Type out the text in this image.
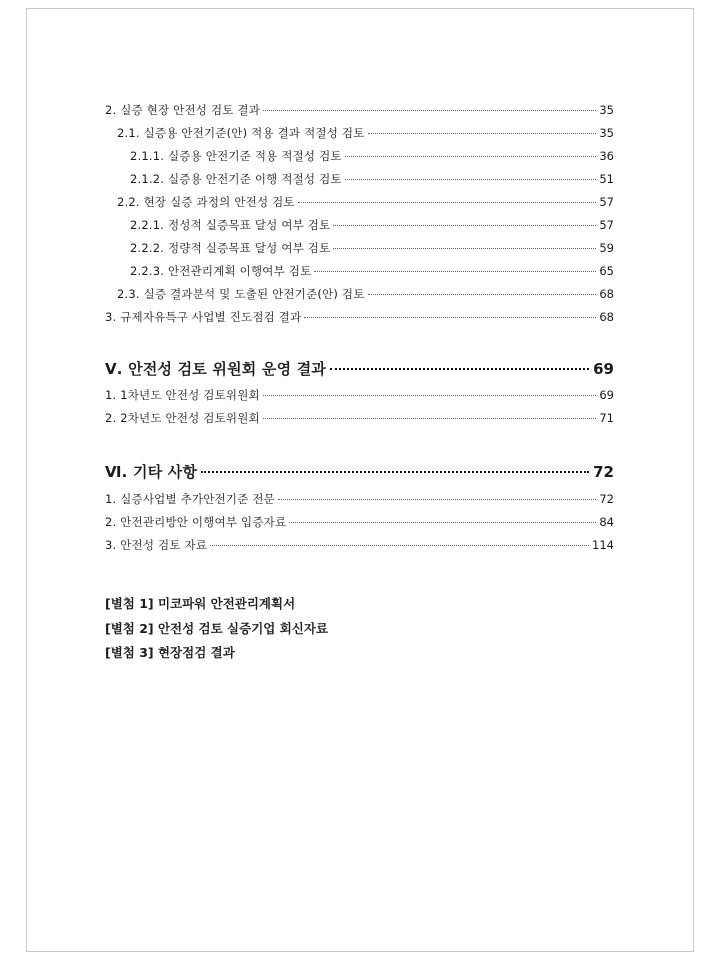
2. 실증 현장 안전성 검토 결과	35
2.1. 실증용 안전기준(안) 적용 결과 적절성 검토	35
2.1.1. 실증용 안전기준 적용 적절성 검토	36
2.1.2. 실증용 안전기준 이행 적절성 검토	51
2.2. 현장 실증 과정의 안전성 검토	57
2.2.1. 정성적 실증목표 달성 여부 검토	57
2.2.2. 정량적 실증목표 달성 여부 검토	59
2.2.3. 안전관리계획 이행여부 검토	65
2.3. 실증 결과분석 및 도출된 안전기준(안) 검토	68
3. 규제자유특구 사업별 진도점검 결과	68
Ⅴ. 안전성 검토 위원회 운영 결과	69
1. 1차년도 안전성 검토위원회	69
2. 2차년도 안전성 검토위원회	71
Ⅵ. 기타 사항	72
1. 실증사업별 추가안전기준 전문	72
2. 안전관리방안 이행여부 입증자료	84
3. 안전성 검토 자료	114
[별첨 1] 미코파워 안전관리계획서
[별첨 2] 안전성 검토 실증기업 회신자료
[별첨 3] 현장점검 결과
